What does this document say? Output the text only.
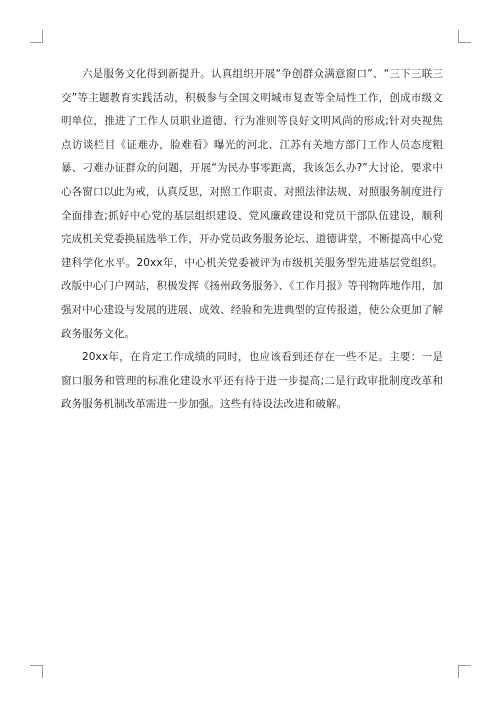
六是服务文化得到新提升。认真组织开展“争创群众满意窗口”、“三下三联三交”等主题教育实践活动，积极参与全国文明城市复查等全局性工作，创成市级文明单位，推进了工作人员职业道德、行为准则等良好文明风尚的形成;针对央视焦点访谈栏目《证难办，脸难看》曝光的河北、江苏有关地方部门工作人员态度粗暴、刁难办证群众的问题，开展“为民办事零距离，我该怎么办?”大讨论，要求中心各窗口以此为戒，认真反思，对照工作职责、对照法律法规、对照服务制度进行全面排查;抓好中心党的基层组织建设、党风廉政建设和党员干部队伍建设，顺利完成机关党委换届选举工作，开办党员政务服务论坛、道德讲堂，不断提高中心党建科学化水平。20xx年，中心机关党委被评为市级机关服务型先进基层党组织。改版中心门户网站，积极发挥《扬州政务服务》、《工作月报》等刊物阵地作用，加强对中心建设与发展的进展、成效、经验和先进典型的宣传报道，使公众更加了解政务服务文化。

20xx年，在肯定工作成绩的同时，也应该看到还存在一些不足。主要：一是窗口服务和管理的标准化建设水平还有待于进一步提高;二是行政审批制度改革和政务服务机制改革需进一步加强。这些有待设法改进和破解。
